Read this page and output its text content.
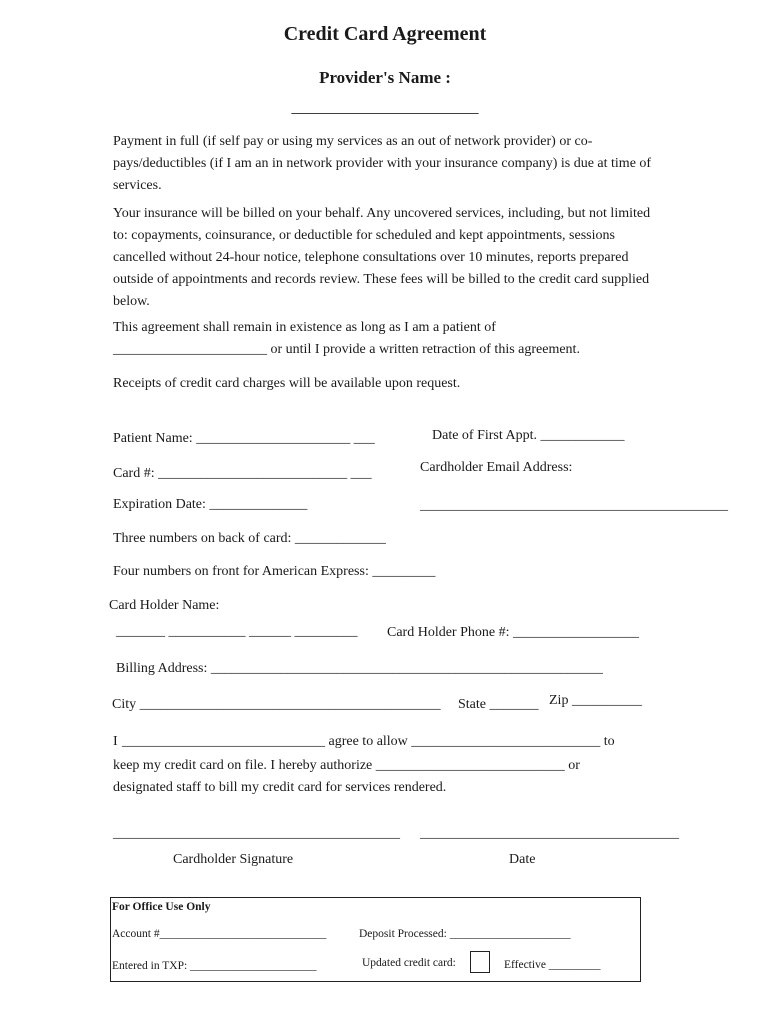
Credit Card Agreement
Provider's Name :
______________________
Payment in full (if self pay or using my services as an out of network provider) or co-pays/deductibles (if I am an in network provider with your insurance company) is due at time of services.
Your insurance will be billed on your behalf. Any uncovered services, including, but not limited to: copayments, coinsurance, or deductible for scheduled and kept appointments, sessions cancelled without 24-hour notice, telephone consultations over 10 minutes, reports prepared outside of appointments and records review. These fees will be billed to the credit card supplied below.
This agreement shall remain in existence as long as I am a patient of
______________________ or until I provide a written retraction of this agreement.
Receipts of credit card charges will be available upon request.
Patient Name: ______________________ ___	Date of First Appt. ____________
Card #: ___________________________ ___	Cardholder Email Address:
____________________________________________
Expiration Date: ______________
Three numbers on back of card: _____________
Four numbers on front for American Express: _________
Card Holder Name:
_______ ___________ ______ _________ Card Holder Phone #: __________________
Billing Address: ________________________________________________________
City ___________________________________________ State _______ Zip __________
I _____________________________ agree to allow ___________________________ to
keep my credit card on file. I hereby authorize ___________________________ or
designated staff to bill my credit card for services rendered.
_________________________________________ _____________________________________
Cardholder Signature	Date
For Office Use Only
Account #_____________________________	Deposit Processed: _____________________
Entered in TXP: ______________________	Updated credit card:	Effective _________
